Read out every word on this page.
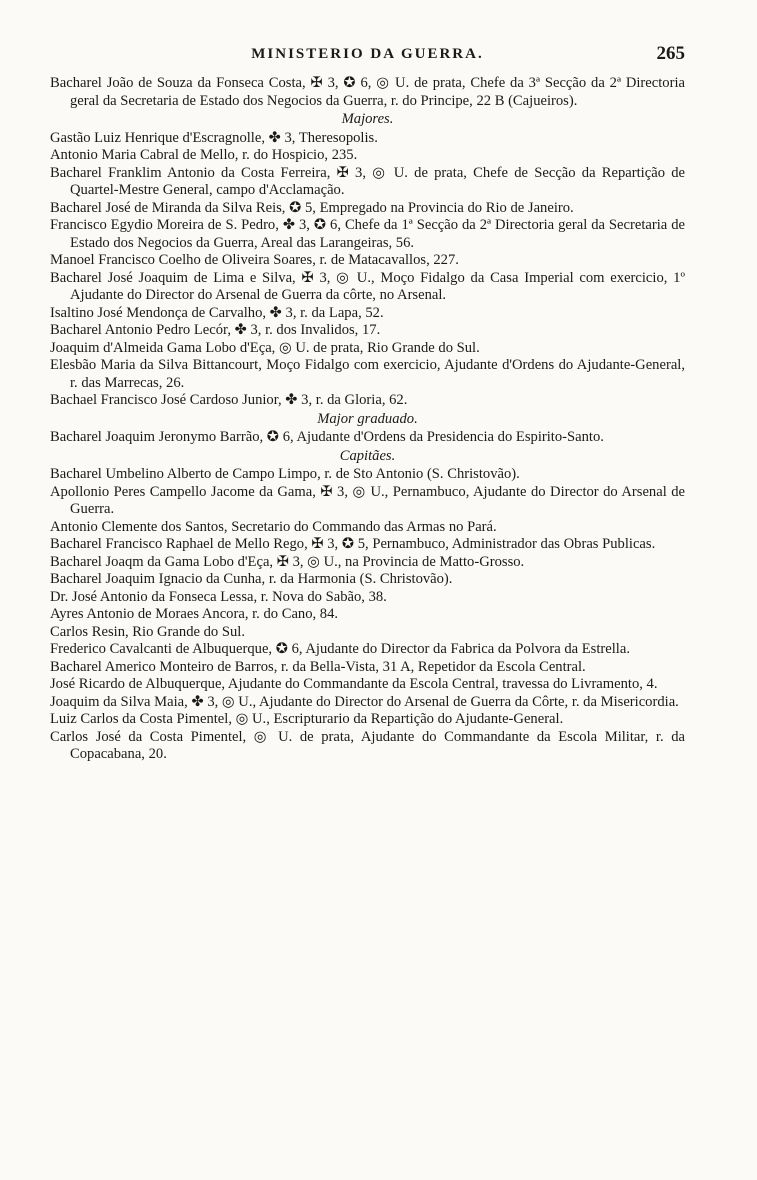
MINISTERIO DA GUERRA.	265

Bacharel João de Souza da Fonseca Costa, ✠ 3, ✪ 6, ◎ U. de prata, Chefe da 3ª Secção da 2ª Directoria geral da Secretaria de Estado dos Negocios da Guerra, r. do Principe, 22 B (Cajueiros).

Majores.

Gastão Luiz Henrique d'Escragnolle, ✤ 3, Theresopolis.

Antonio Maria Cabral de Mello, r. do Hospicio, 235.

Bacharel Franklim Antonio da Costa Ferreira, ✠ 3, ◎ U. de prata, Chefe de Secção da Repartição de Quartel-Mestre General, campo d'Acclamação.

Bacharel José de Miranda da Silva Reis, ✪ 5, Empregado na Provincia do Rio de Janeiro.

Francisco Egydio Moreira de S. Pedro, ✤ 3, ✪ 6, Chefe da 1ª Secção da 2ª Directoria geral da Secretaria de Estado dos Negocios da Guerra, Areal das Larangeiras, 56.

Manoel Francisco Coelho de Oliveira Soares, r. de Matacavallos, 227.

Bacharel José Joaquim de Lima e Silva, ✠ 3, ◎ U., Moço Fidalgo da Casa Imperial com exercicio, 1º Ajudante do Director do Arsenal de Guerra da côrte, no Arsenal.

Isaltino José Mendonça de Carvalho, ✤ 3, r. da Lapa, 52.

Bacharel Antonio Pedro Lecór, ✤ 3, r. dos Invalidos, 17.

Joaquim d'Almeida Gama Lobo d'Eça, ◎ U. de prata, Rio Grande do Sul.

Elesbão Maria da Silva Bittancourt, Moço Fidalgo com exercicio, Ajudante d'Ordens do Ajudante-General, r. das Marrecas, 26.

Bachael Francisco José Cardoso Junior, ✤ 3, r. da Gloria, 62.

Major graduado.

Bacharel Joaquim Jeronymo Barrão, ✪ 6, Ajudante d'Ordens da Presidencia do Espirito-Santo.

Capitães.

Bacharel Umbelino Alberto de Campo Limpo, r. de Sto Antonio (S. Christovão).

Apollonio Peres Campello Jacome da Gama, ✠ 3, ◎ U., Pernambuco, Ajudante do Director do Arsenal de Guerra.

Antonio Clemente dos Santos, Secretario do Commando das Armas no Pará.

Bacharel Francisco Raphael de Mello Rego, ✠ 3, ✪ 5, Pernambuco, Administrador das Obras Publicas.

Bacharel Joaqm da Gama Lobo d'Eça, ✠ 3, ◎ U., na Provincia de Matto-Grosso.

Bacharel Joaquim Ignacio da Cunha, r. da Harmonia (S. Christovão).

Dr. José Antonio da Fonseca Lessa, r. Nova do Sabão, 38.

Ayres Antonio de Moraes Ancora, r. do Cano, 84.

Carlos Resin, Rio Grande do Sul.

Frederico Cavalcanti de Albuquerque, ✪ 6, Ajudante do Director da Fabrica da Polvora da Estrella.

Bacharel Americo Monteiro de Barros, r. da Bella-Vista, 31 A, Repetidor da Escola Central.

José Ricardo de Albuquerque, Ajudante do Commandante da Escola Central, travessa do Livramento, 4.

Joaquim da Silva Maia, ✤ 3, ◎ U., Ajudante do Director do Arsenal de Guerra da Côrte, r. da Misericordia.

Luiz Carlos da Costa Pimentel, ◎ U., Escripturario da Repartição do Ajudante-General.

Carlos José da Costa Pimentel, ◎ U. de prata, Ajudante do Commandante da Escola Militar, r. da Copacabana, 20.
